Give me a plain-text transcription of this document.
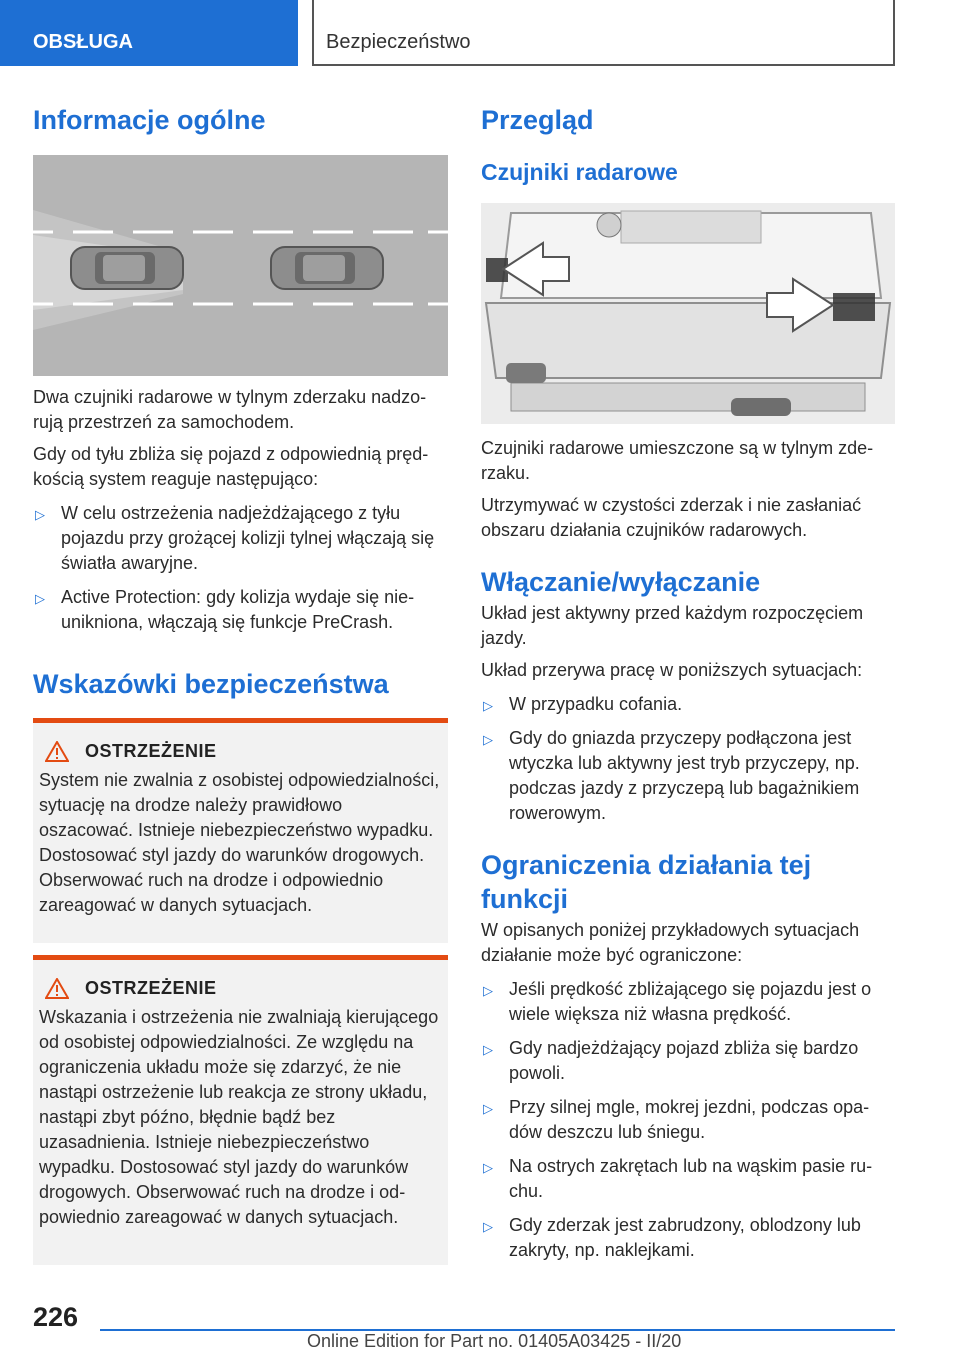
OBSŁUGA	Bezpieczeństwo
Informacje ogólne

Dwa czujniki radarowe w tylnym zderzaku nadzorują przestrzeń za samochodem.

Gdy od tyłu zbliża się pojazd z odpowiednią prędkością system reaguje następująco:

▷ W celu ostrzeżenia nadjeżdżającego z tyłu pojazdu przy grożącej kolizji tylnej włączają się światła awaryjne.
▷ Active Protection: gdy kolizja wydaje się nieunikniona, włączają się funkcje PreCrash.
Wskazówki bezpieczeństwa
OSTRZEŻENIE

System nie zwalnia z osobistej odpowiedzialności, sytuację na drodze należy prawidłowo oszacować. Istnieje niebezpieczeństwo wypadku. Dostosować styl jazdy do warunków drogowych. Obserwować ruch na drodze i odpowiednio zareagować w danych sytuacjach.

OSTRZEŻENIE

Wskazania i ostrzeżenia nie zwalniają kierującego od osobistej odpowiedzialności. Ze względu na ograniczenia układu może się zdarzyć, że nie nastąpi ostrzeżenie lub reakcja ze strony układu, nastąpi zbyt późno, błędnie bądź bez uzasadnienia. Istnieje niebezpieczeństwo wypadku. Dostosować styl jazdy do warunków drogowych. Obserwować ruch na drodze i odpowiednio zareagować w danych sytuacjach.

Przegląd
Czujniki radarowe

Czujniki radarowe umieszczone są w tylnym zderzaku.

Utrzymywać w czystości zderzak i nie zasłaniać obszaru działania czujników radarowych.

Włączanie/wyłączanie

Układ jest aktywny przed każdym rozpoczęciem jazdy.

Układ przerywa pracę w poniższych sytuacjach:

▷ W przypadku cofania.
▷ Gdy do gniazda przyczepy podłączona jest wtyczka lub aktywny jest tryb przyczepy, np. podczas jazdy z przyczepą lub bagażnikiem rowerowym.
Ograniczenia działania tej funkcji

W opisanych poniżej przykładowych sytuacjach działanie może być ograniczone:

▷ Jeśli prędkość zbliżającego się pojazdu jest o wiele większa niż własna prędkość.
▷ Gdy nadjeżdżający pojazd zbliża się bardzo powoli.
▷ Przy silnej mgle, mokrej jezdni, podczas opadów deszczu lub śniegu.
▷ Na ostrych zakrętach lub na wąskim pasie ruchu.
▷ Gdy zderzak jest zabrudzony, oblodzony lub zakryty, np. naklejkami.
226
Online Edition for Part no. 01405A03425 - II/20
